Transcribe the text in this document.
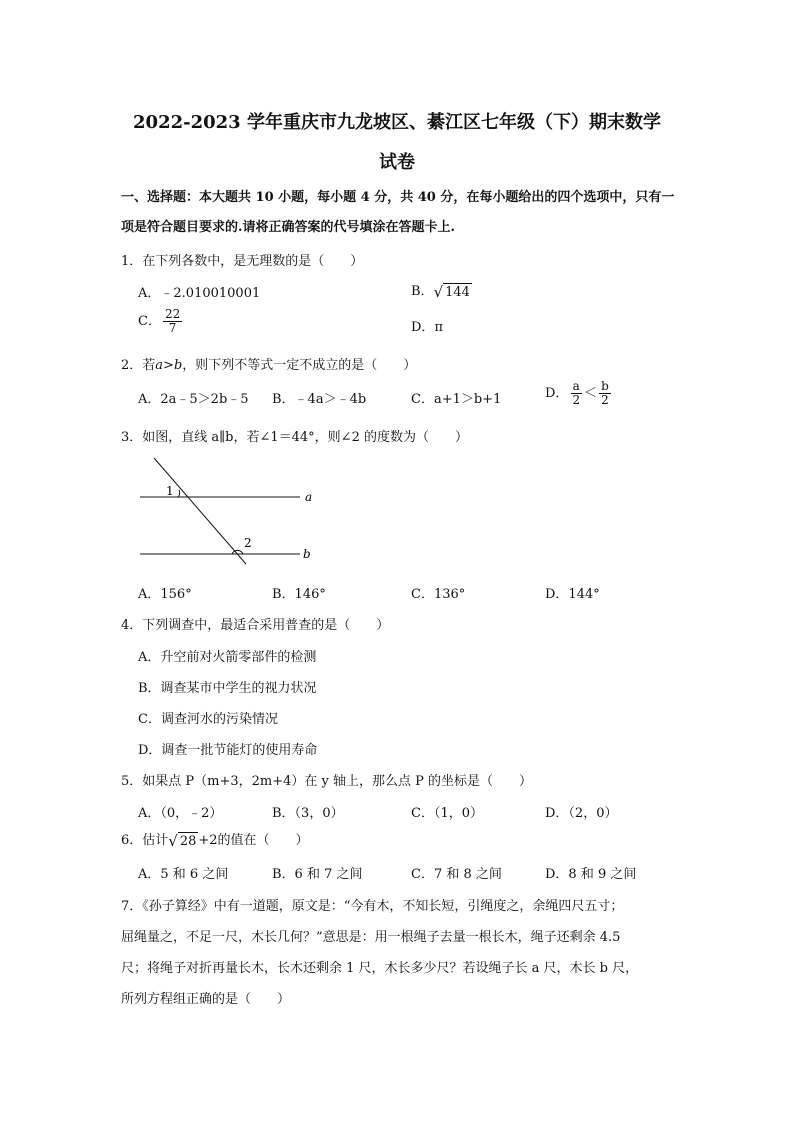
2022-2023 学年重庆市九龙坡区、綦江区七年级（下）期末数学
试卷
一、选择题：本大题共 10 小题，每小题 4 分，共 40 分，在每小题给出的四个选项中，只有一项是符合题目要求的.请将正确答案的代号填涂在答题卡上.
1．在下列各数中，是无理数的是（　　）
A．﹣2.010010001	B． √ 144
C． $\frac{22}{7}$	D．π
2．若a>b，则下列不等式一定不成立的是（　　）
A．2a﹣5＞2b﹣5 B．﹣4a＞﹣4b	C．a+1＞b+1	D． $\frac{a}{2} < \frac{b}{2}$
3．如图，直线 a∥b，若∠1＝44°，则∠2 的度数为（　　）
1
2
a
b
A．156°	B．146°	C．136°	D．144°
4．下列调查中，最适合采用普查的是（　　）
A．升空前对火箭零部件的检测
B．调查某市中学生的视力状况
C．调查河水的污染情况
D．调查一批节能灯的使用寿命
5．如果点 P（m+3，2m+4）在 y 轴上，那么点 P 的坐标是（　　）
A．（0，﹣2）	B．（3，0）	C．（1，0）	D．（2，0）
6．估计 √ 28 +2的值在（　　）
A．5 和 6 之间	B．6 和 7 之间	C．7 和 8 之间	D．8 和 9 之间
7．《孙子算经》中有一道题，原文是：“今有木，不知长短，引绳度之，余绳四尺五寸；
屈绳量之，不足一尺，木长几何？”意思是：用一根绳子去量一根长木，绳子还剩余 4.5
尺；将绳子对折再量长木，长木还剩余 1 尺，木长多少尺？若设绳子长 a 尺，木长 b 尺，
所列方程组正确的是（　　）
